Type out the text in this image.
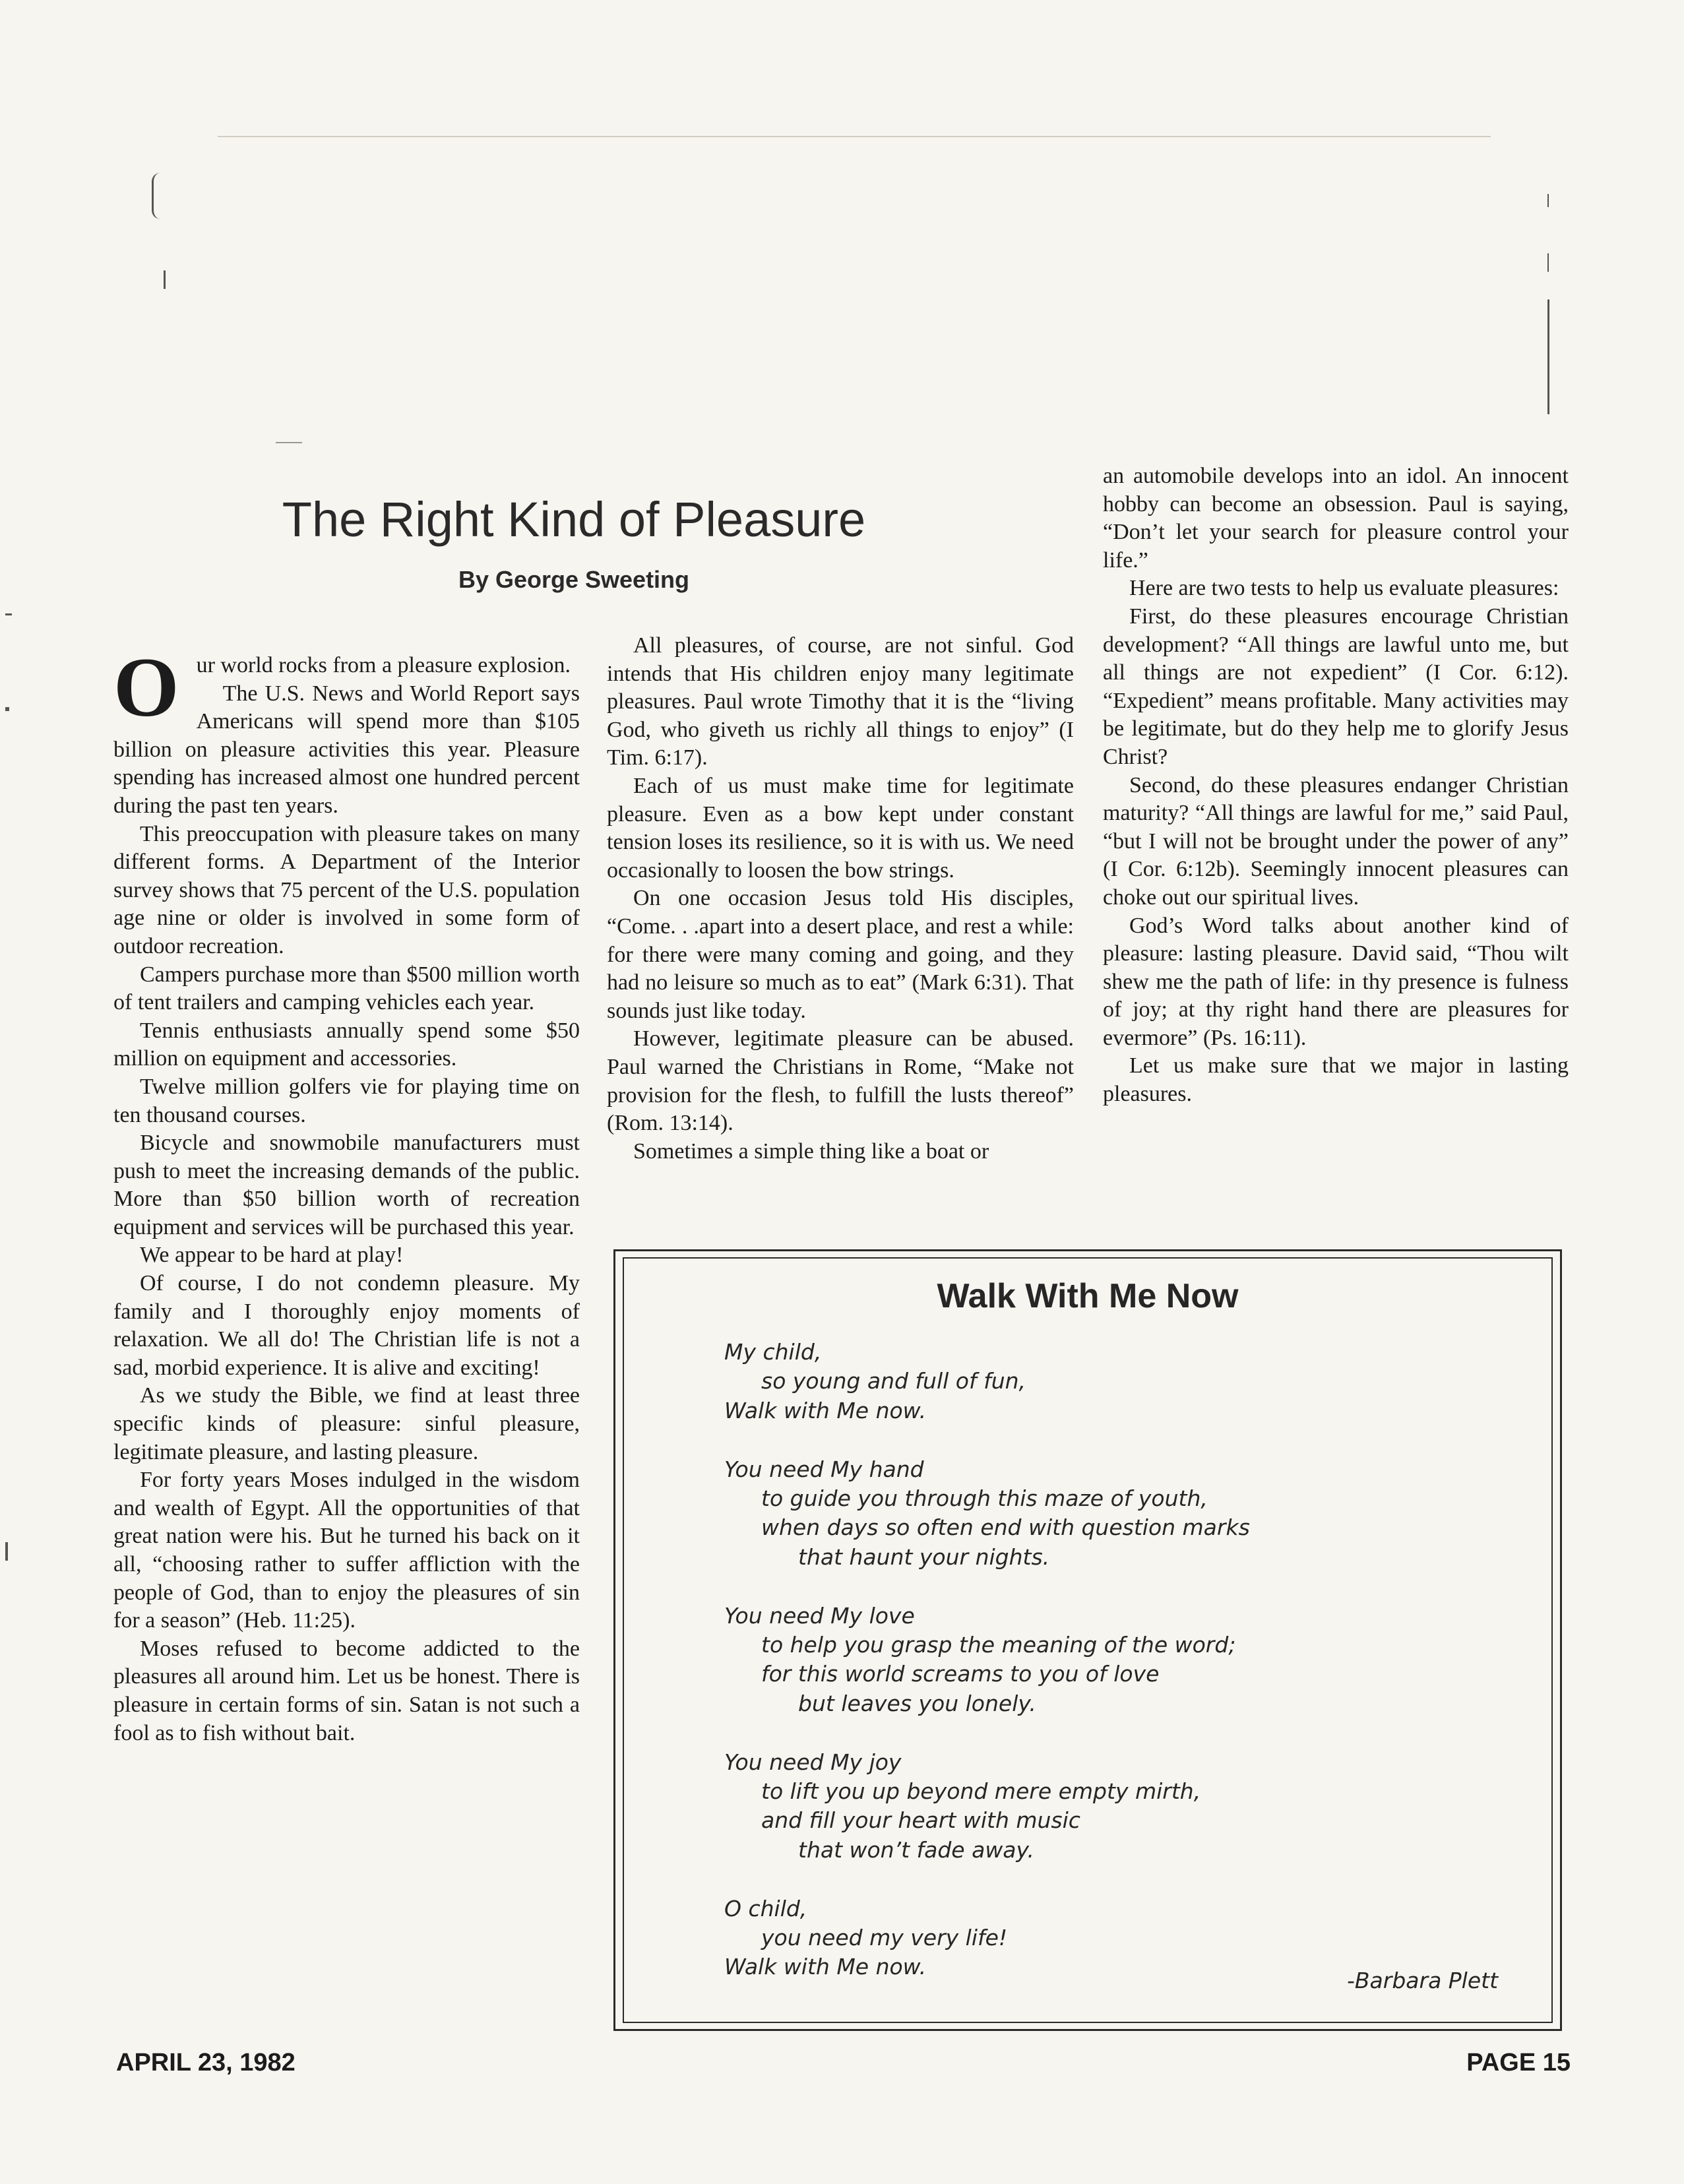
The Right Kind of Pleasure
By George Sweeting

Our world rocks from a pleasure explosion.

The U.S. News and World Report says Americans will spend more than $105 billion on pleasure activities this year. Pleasure spending has increased almost one hundred percent during the past ten years.

This preoccupation with pleasure takes on many different forms. A Department of the Interior survey shows that 75 percent of the U.S. population age nine or older is involved in some form of outdoor recreation.

Campers purchase more than $500 million worth of tent trailers and camping vehicles each year.

Tennis enthusiasts annually spend some $50 million on equipment and accessories.

Twelve million golfers vie for playing time on ten thousand courses.

Bicycle and snowmobile manufacturers must push to meet the increasing demands of the public. More than $50 billion worth of recreation equipment and services will be purchased this year.

We appear to be hard at play!

Of course, I do not condemn pleasure. My family and I thoroughly enjoy moments of relaxation. We all do! The Christian life is not a sad, morbid experience. It is alive and exciting!

As we study the Bible, we find at least three specific kinds of pleasure: sinful pleasure, legitimate pleasure, and lasting pleasure.

For forty years Moses indulged in the wisdom and wealth of Egypt. All the opportunities of that great nation were his. But he turned his back on it all, “choosing rather to suffer affliction with the people of God, than to enjoy the pleasures of sin for a season” (Heb. 11:25).

Moses refused to become addicted to the pleasures all around him. Let us be honest. There is pleasure in certain forms of sin. Satan is not such a fool as to fish without bait.

All pleasures, of course, are not sinful. God intends that His children enjoy many legitimate pleasures. Paul wrote Timothy that it is the “living God, who giveth us richly all things to enjoy” (I Tim. 6:17).

Each of us must make time for legitimate pleasure. Even as a bow kept under constant tension loses its resilience, so it is with us. We need occasionally to loosen the bow strings.

On one occasion Jesus told His disciples, “Come. . .apart into a desert place, and rest a while: for there were many coming and going, and they had no leisure so much as to eat” (Mark 6:31). That sounds just like today.

However, legitimate pleasure can be abused. Paul warned the Christians in Rome, “Make not provision for the flesh, to fulfill the lusts thereof” (Rom. 13:14).

Sometimes a simple thing like a boat or

an automobile develops into an idol. An innocent hobby can become an obsession. Paul is saying, “Don’t let your search for pleasure control your life.”

Here are two tests to help us evaluate pleasures:

First, do these pleasures encourage Christian development? “All things are lawful unto me, but all things are not expedient” (I Cor. 6:12). “Expedient” means profitable. Many activities may be legitimate, but do they help me to glorify Jesus Christ?

Second, do these pleasures endanger Christian maturity? “All things are lawful for me,” said Paul, “but I will not be brought under the power of any” (I Cor. 6:12b). Seemingly innocent pleasures can choke out our spiritual lives.

God’s Word talks about another kind of pleasure: lasting pleasure. David said, “Thou wilt shew me the path of life: in thy presence is fulness of joy; at thy right hand there are pleasures for evermore” (Ps. 16:11).

Let us make sure that we major in lasting pleasures.

Walk With Me Now
My child,
so young and full of fun,
Walk with Me now.
You need My hand
to guide you through this maze of youth,
when days so often end with question marks
that haunt your nights.
You need My love
to help you grasp the meaning of the word;
for this world screams to you of love
but leaves you lonely.
You need My joy
to lift you up beyond mere empty mirth,
and fill your heart with music
that won’t fade away.
O child,
you need my very life!
Walk with Me now.
-Barbara Plett
APRIL 23, 1982	PAGE 15
